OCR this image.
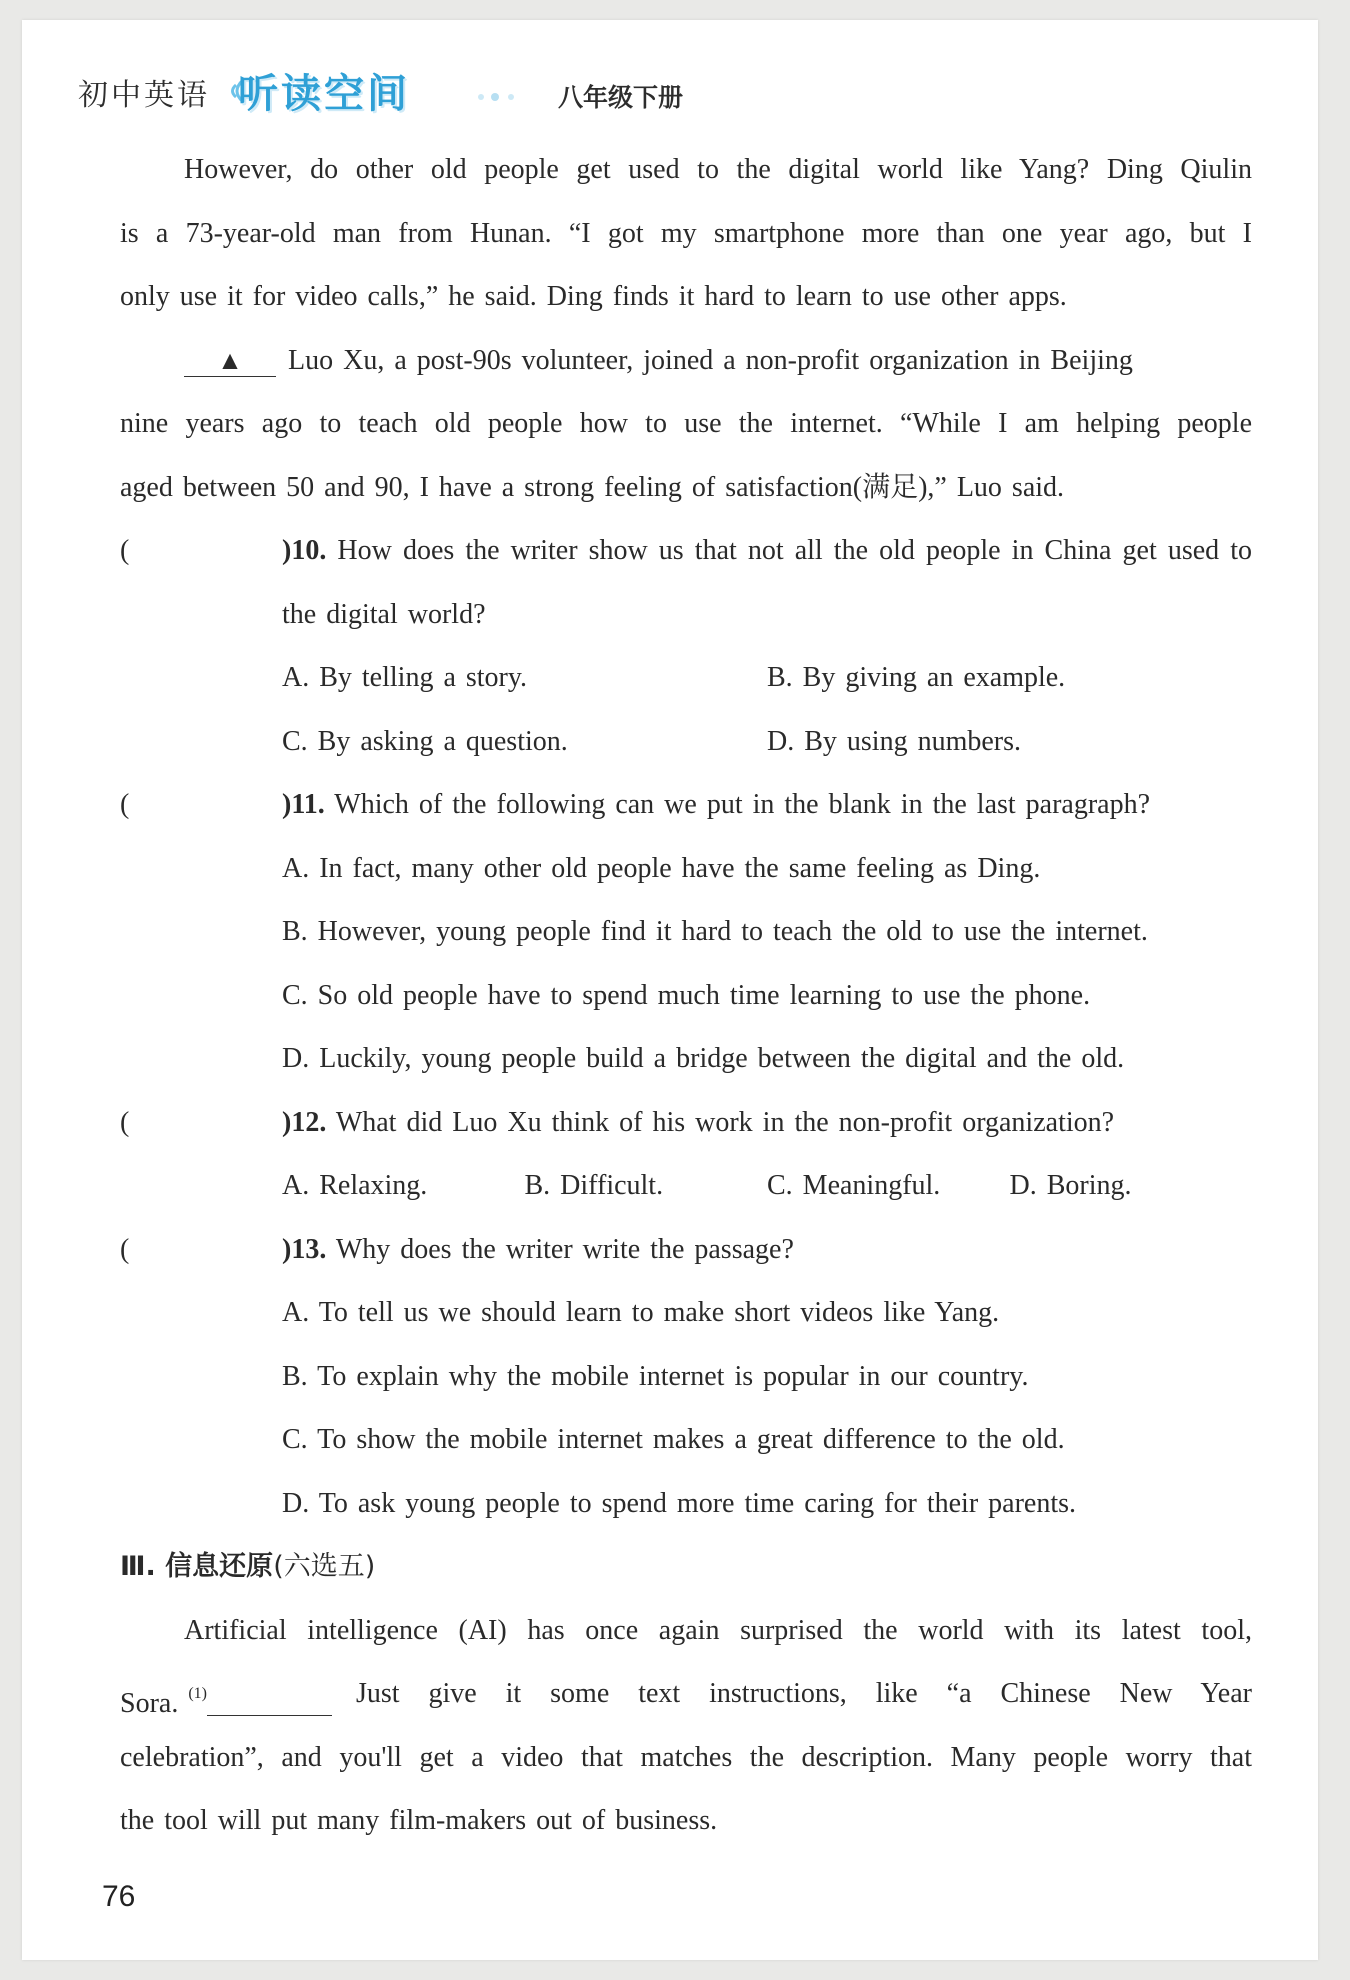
初中英语 听读空间	八年级下册
However, do other old people get used to the digital world like Yang? Ding Qiulin
is a 73-year-old man from Hunan. “I got my smartphone more than one year ago, but I
only use it for video calls,” he said. Ding finds it hard to learn to use other apps.
▲ Luo Xu, a post-90s volunteer, joined a non-profit organization in Beijing
nine years ago to teach old people how to use the internet. “While I am helping people
aged between 50 and 90, I have a strong feeling of satisfaction(满足),” Luo said.
(	)10. How does the writer show us that not all the old people in China get used to
the digital world?
A. By telling a story.	B. By giving an example.
C. By asking a question.	D. By using numbers.
(	)11. Which of the following can we put in the blank in the last paragraph?
A. In fact, many other old people have the same feeling as Ding.
B. However, young people find it hard to teach the old to use the internet.
C. So old people have to spend much time learning to use the phone.
D. Luckily, young people build a bridge between the digital and the old.
(	)12. What did Luo Xu think of his work in the non-profit organization?
A. Relaxing.	B. Difficult.	C. Meaningful.	D. Boring.
(	)13. Why does the writer write the passage?
A. To tell us we should learn to make short videos like Yang.
B. To explain why the mobile internet is popular in our country.
C. To show the mobile internet makes a great difference to the old.
D. To ask young people to spend more time caring for their parents.
Ⅲ. 信息还原(六选五)
Artificial intelligence (AI) has once again surprised the world with its latest tool,
Sora. $^{(1)}$	Just give it some text instructions, like “a Chinese New Year
celebration”, and you'll get a video that matches the description. Many people worry that
the tool will put many film-makers out of business.
76
